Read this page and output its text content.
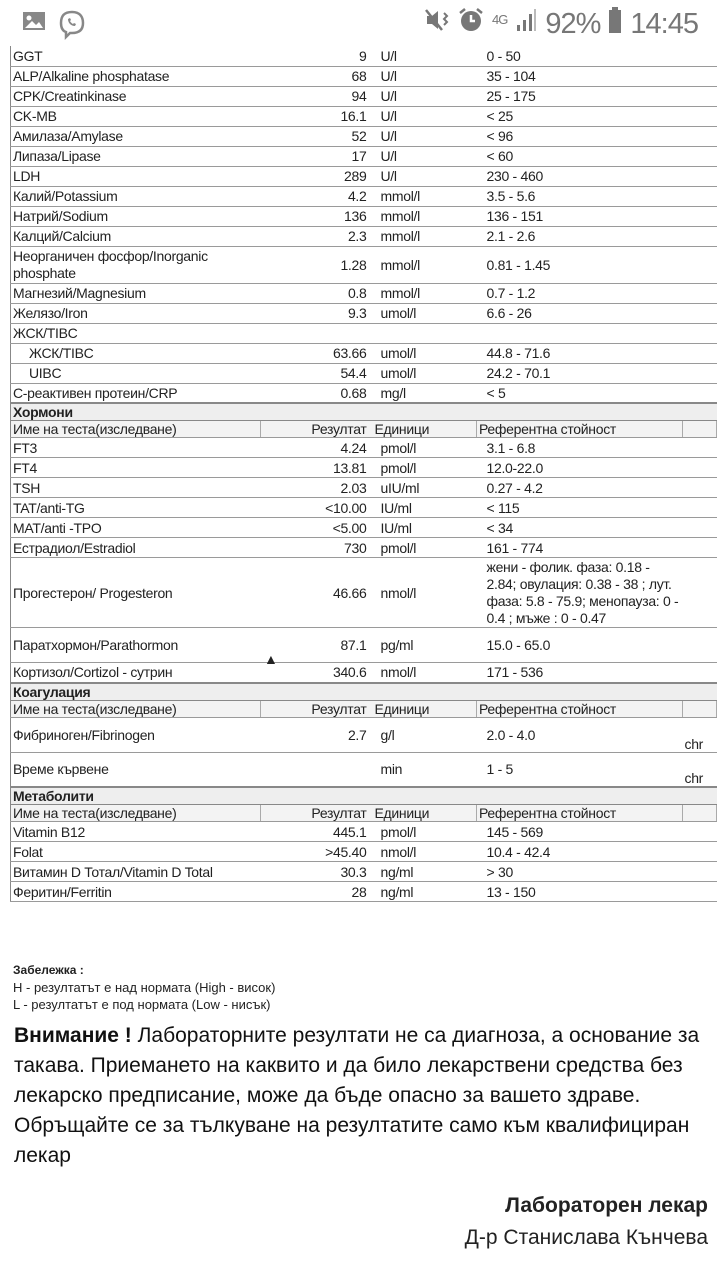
4G 92% 14:45
GGT	9	U/l	0 - 50	
ALP/Alkaline phosphatase	68	U/l	35 - 104	
CPK/Creatinkinase	94	U/l	25 - 175	
CK-MB	16.1	U/l	< 25	
Амилаза/Amylase	52	U/l	< 96	
Липаза/Lipase	17	U/l	< 60	
LDH	289	U/l	230 - 460	
Калий/Potassium	4.2	mmol/l	3.5 - 5.6	
Натрий/Sodium	136	mmol/l	136 - 151	
Калций/Calcium	2.3	mmol/l	2.1 - 2.6	
Неорганичен фосфор/Inorganic phosphate	1.28	mmol/l	0.81 - 1.45	
Магнезий/Magnesium	0.8	mmol/l	0.7 - 1.2	
Желязо/Iron	9.3	umol/l	6.6 - 26	
ЖСК/TIBC				
ЖСК/TIBC	63.66	umol/l	44.8 - 71.6	
UIBC	54.4	umol/l	24.2 - 70.1	
С-реактивен протеин/CRP	0.68	mg/l	< 5	
Хормони				
Име на теста(изследване)	Резултат	Единици	Референтна стойност	
FT3	4.24	pmol/l	3.1 - 6.8	
FT4	13.81	pmol/l	12.0-22.0	
TSH	2.03	uIU/ml	0.27 - 4.2	
TAT/anti-TG	<10.00	IU/ml	< 115	
MAT/anti -TPO	<5.00	IU/ml	< 34	
Естрадиол/Estradiol	730	pmol/l	161 - 774	
Прогестерон/ Progesteron	46.66	nmol/l	жени - фолик. фаза: 0.18 - 2.84; овулация: 0.38 - 38 ; лут. фаза: 5.8 - 75.9; менопауза: 0 - 0.4 ; мъже : 0 - 0.47	
Паратхормон/Parathormon	87.1	pg/ml	15.0 - 65.0	
Кортизол/Cortizol - сутрин	340.6	nmol/l	171 - 536	
Коагулация				
Име на теста(изследване)	Резултат	Единици	Референтна стойност	
Фибриноген/Fibrinogen	2.7	g/l	2.0 - 4.0	chr
Време кървене		min	1 - 5	chr
Метаболити				
Име на теста(изследване)	Резултат	Единици	Референтна стойност	
Vitamin B12	445.1	pmol/l	145 - 569	
Folat	>45.40	nmol/l	10.4 - 42.4	
Витамин D Тотал/Vitamin D Total	30.3	ng/ml	> 30	
Феритин/Ferritin	28	ng/ml	13 - 150	
▲
Забележка :
H - резултатът е над нормата (High - висок)
L - резултатът е под нормата (Low - нисък)
Внимание ! Лабораторните резултати не са диагноза, а основание за такава. Приемането на каквито и да било лекарствени средства без лекарско предписание, може да бъде опасно за вашето здраве. Обръщайте се за тълкуване на резултатите само към квалифициран лекар
Лабораторен лекар
Д-р Станислава Кънчева
